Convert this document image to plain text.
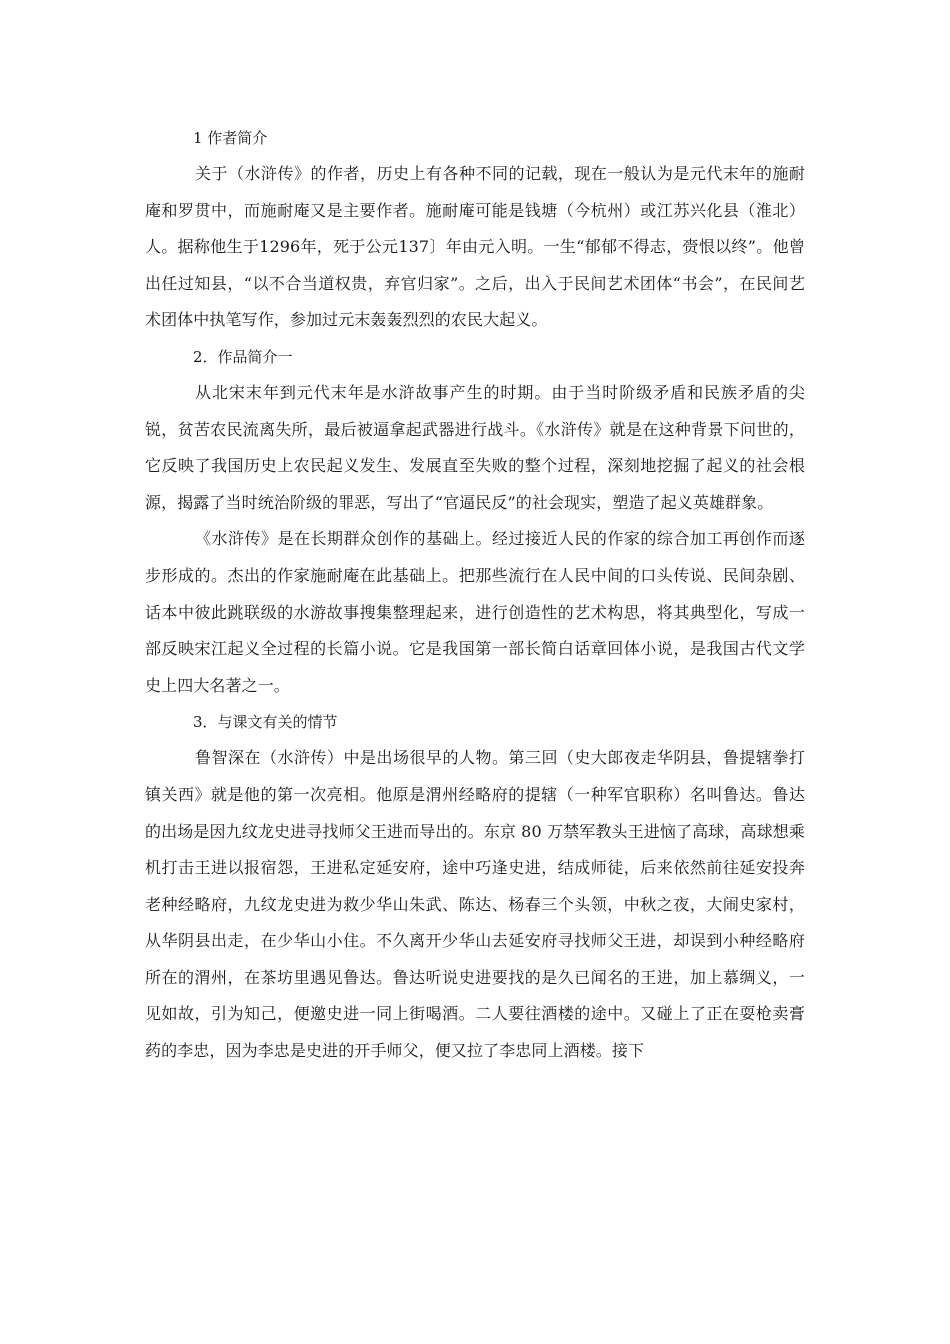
1 作者简介

关于（水浒传》的作者，历史上有各种不同的记载，现在一般认为是元代末年的施耐庵和罗贯中，而施耐庵又是主要作者。施耐庵可能是钱塘（今杭州）或江苏兴化县（淮北）人。据称他生于1296年，死于公元137〕年由元入明。一生“郁郁不得志，赍恨以终”。他曾出任过知县，“以不合当道权贵，弃官归家”。之后，出入于民间艺术团体“书会”，在民间艺术团体中执笔写作，参加过元末轰轰烈烈的农民大起义。

2．作品简介一

从北宋末年到元代末年是水浒故事产生的时期。由于当时阶级矛盾和民族矛盾的尖锐，贫苦农民流离失所，最后被逼拿起武器进行战斗。《水浒传》就是在这种背景下问世的，它反映了我国历史上农民起义发生、发展直至失败的整个过程，深刻地挖掘了起义的社会根源，揭露了当时统治阶级的罪恶，写出了“官逼民反”的社会现实，塑造了起义英雄群象。

《水浒传》是在长期群众创作的基础上。经过接近人民的作家的综合加工再创作而逐步形成的。杰出的作家施耐庵在此基础上。把那些流行在人民中间的口头传说、民间杂剧、话本中彼此跳联级的水游故事搜集整理起来，进行创造性的艺术构思，将其典型化，写成一部反映宋江起义全过程的长篇小说。它是我国第一部长简白话章回体小说，是我国古代文学史上四大名著之一。

3．与课文有关的情节

鲁智深在（水浒传）中是出场很早的人物。第三回（史大郎夜走华阴县，鲁提辖拳打镇关西》就是他的第一次亮相。他原是渭州经略府的提辖（一种军官职称）名叫鲁达。鲁达的出场是因九纹龙史进寻找师父王进而导出的。东京 80 万禁军教头王进恼了高球，高球想乘机打击王进以报宿怨，王进私定延安府，途中巧逢史进，结成师徒，后来依然前往延安投奔老种经略府，九纹龙史进为救少华山朱武、陈达、杨春三个头领，中秋之夜，大闹史家村，从华阴县出走，在少华山小住。不久离开少华山去延安府寻找师父王进，却误到小种经略府所在的渭州，在茶坊里遇见鲁达。鲁达听说史进要找的是久已闻名的王进，加上慕绸义，一见如故，引为知己，便邀史进一同上街喝酒。二人要往酒楼的途中。又碰上了正在耍枪卖膏药的李忠，因为李忠是史进的开手师父，便又拉了李忠同上酒楼。接下
